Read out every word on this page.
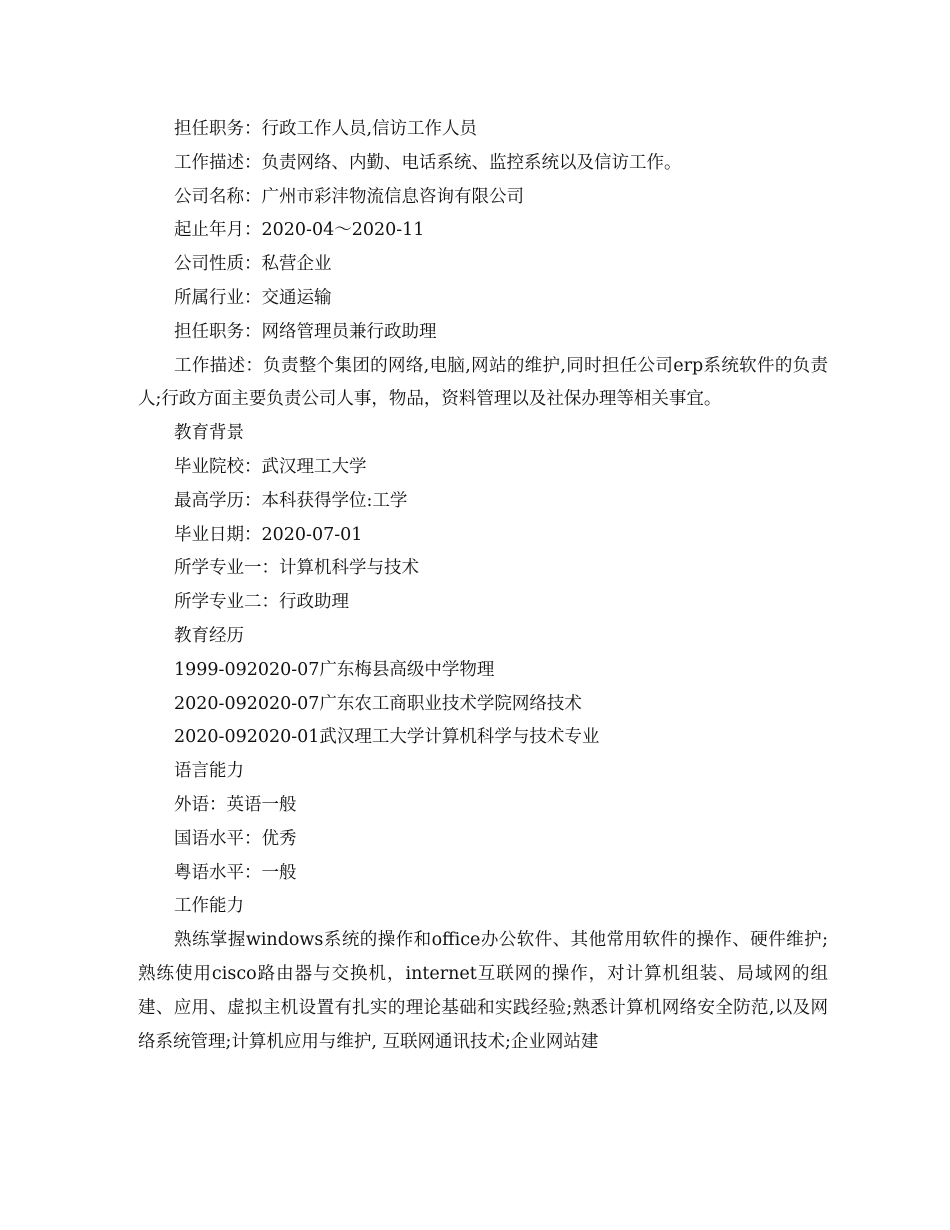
担任职务：行政工作人员,信访工作人员

工作描述：负责网络、内勤、电话系统、监控系统以及信访工作。

公司名称：广州市彩沣物流信息咨询有限公司

起止年月：2020-04～2020-11

公司性质：私营企业

所属行业：交通运输

担任职务：网络管理员兼行政助理

工作描述：负责整个集团的网络,电脑,网站的维护,同时担任公司erp系统软件的负责人;行政方面主要负责公司人事，物品，资料管理以及社保办理等相关事宜。

教育背景

毕业院校：武汉理工大学

最高学历：本科获得学位:工学

毕业日期：2020-07-01

所学专业一：计算机科学与技术

所学专业二：行政助理

教育经历

1999-092020-07广东梅县高级中学物理

2020-092020-07广东农工商职业技术学院网络技术

2020-092020-01武汉理工大学计算机科学与技术专业

语言能力

外语：英语一般

国语水平：优秀

粤语水平：一般

工作能力

熟练掌握windows系统的操作和office办公软件、其他常用软件的操作、硬件维护;熟练使用cisco路由器与交换机，internet互联网的操作，对计算机组装、局域网的组建、应用、虚拟主机设置有扎实的理论基础和实践经验;熟悉计算机网络安全防范,以及网络系统管理;计算机应用与维护, 互联网通讯技术;企业网站建
